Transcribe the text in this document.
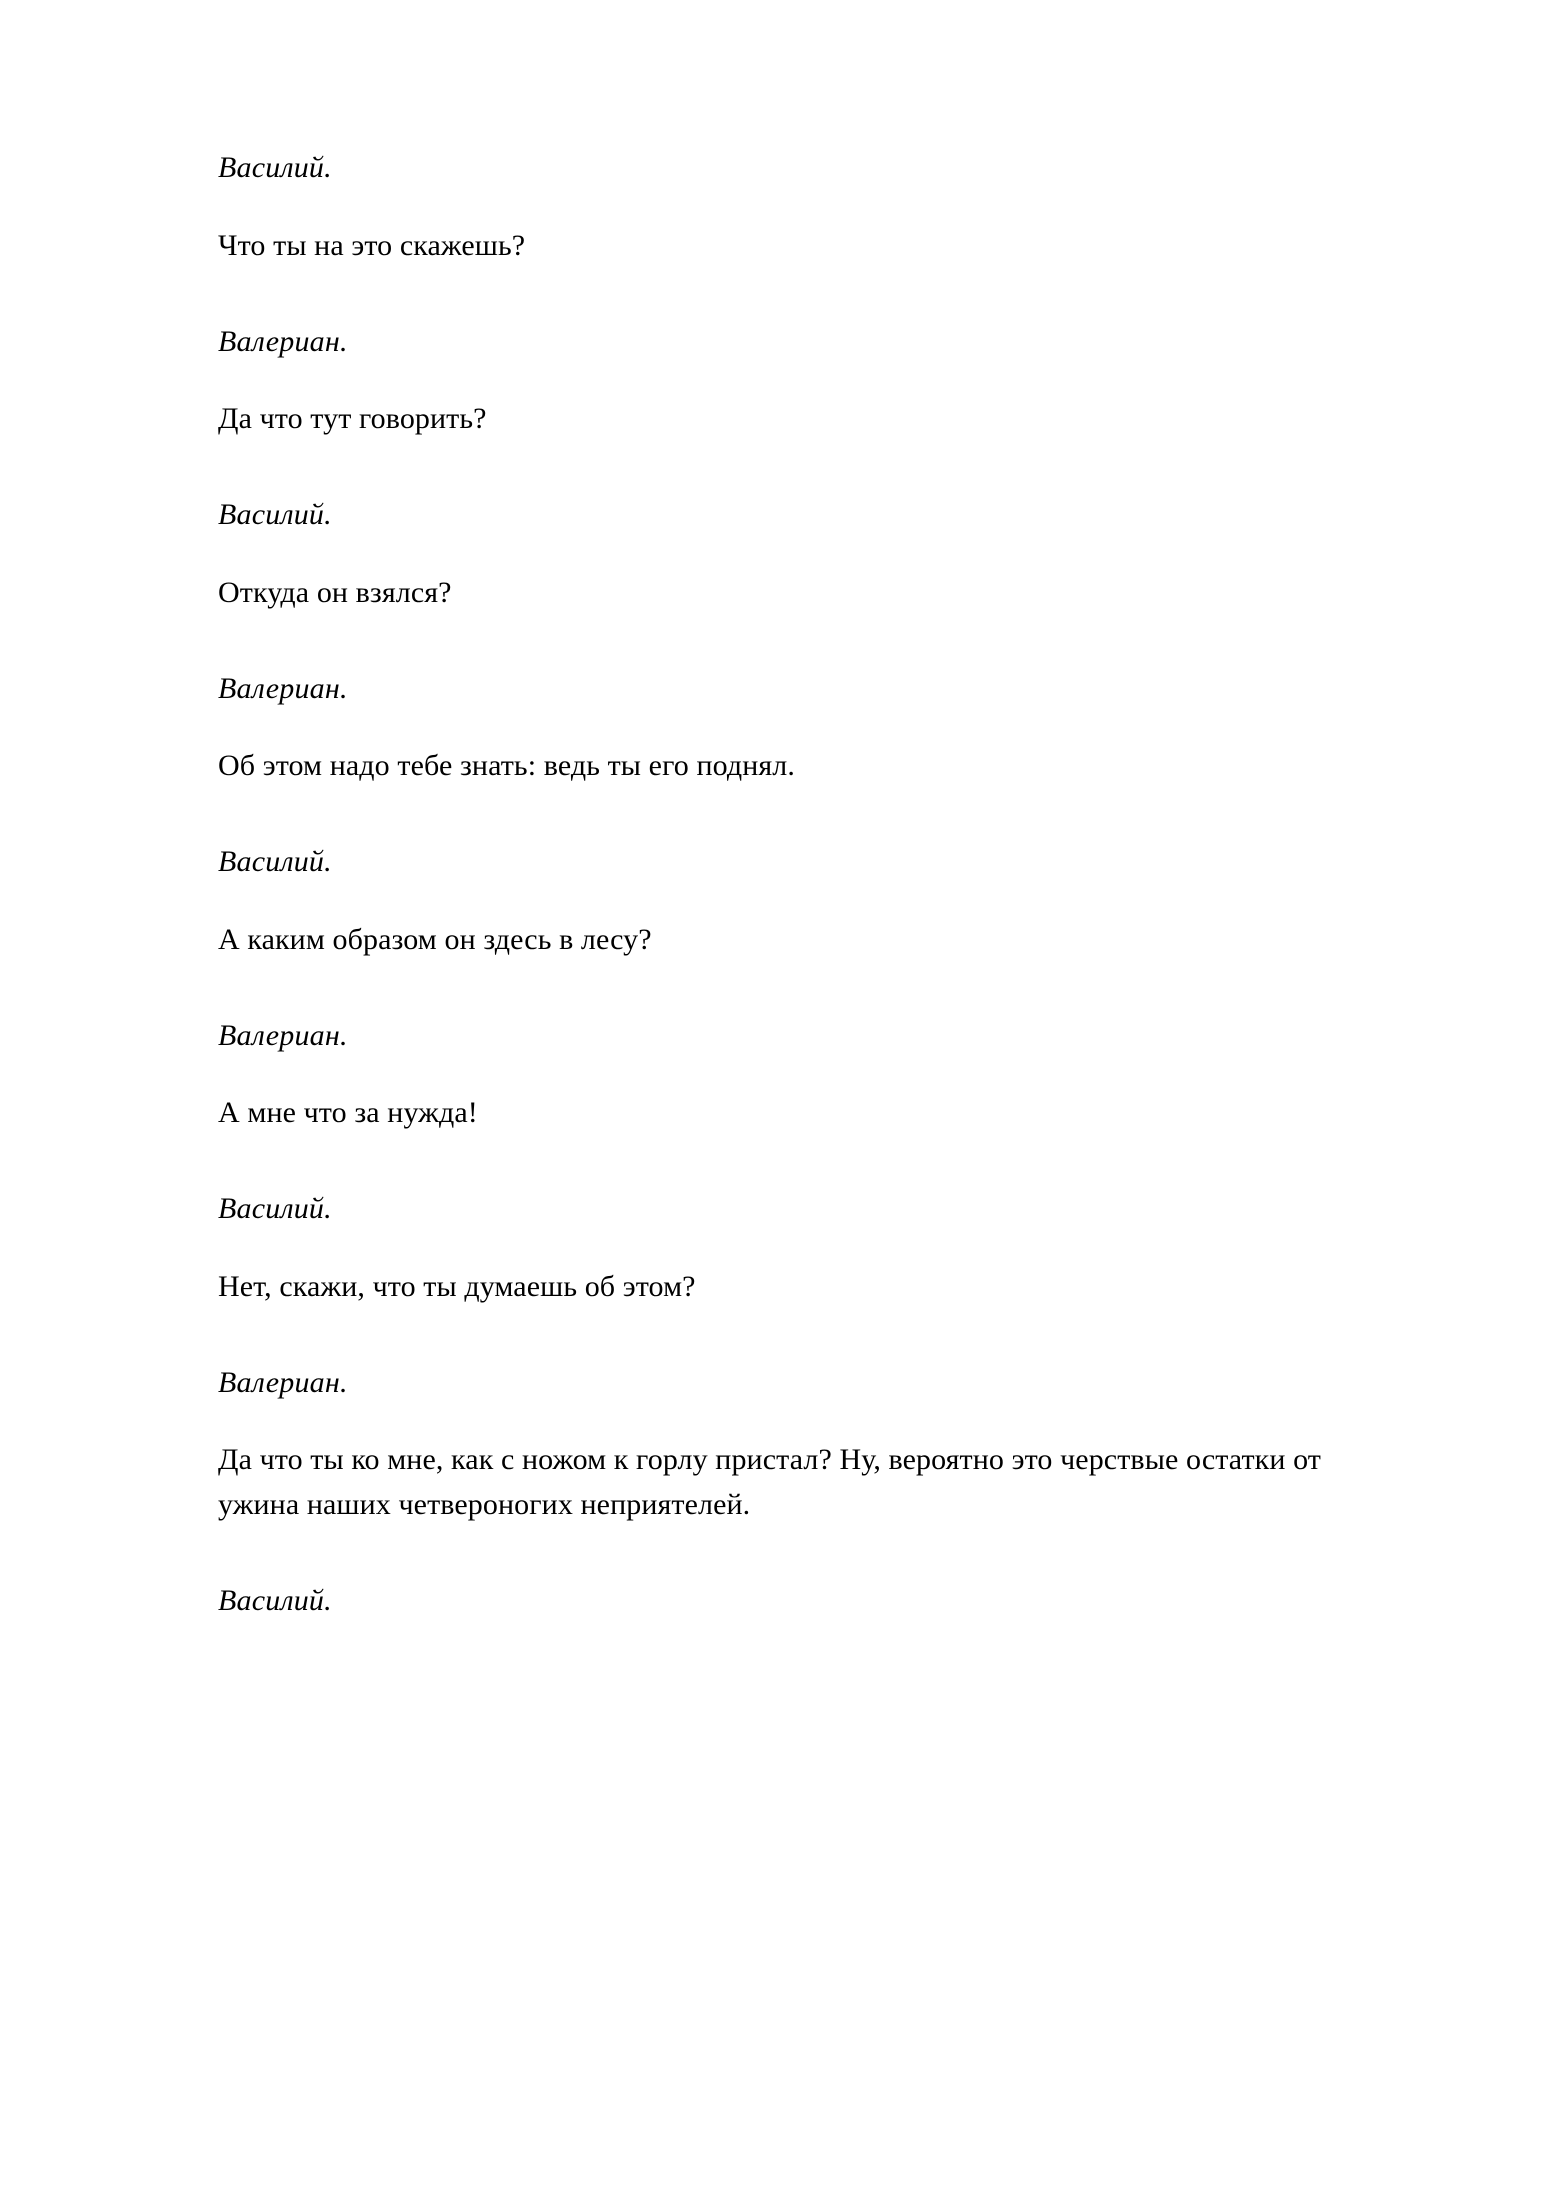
Василий.

Что ты на это скажешь?

Валериан.

Да что тут говорить?

Василий.

Откуда он взялся?

Валериан.

Об этом надо тебе знать: ведь ты его поднял.

Василий.

А каким образом он здесь в лесу?

Валериан.

А мне что за нужда!

Василий.

Нет, скажи, что ты думаешь об этом?

Валериан.

Да что ты ко мне, как с ножом к горлу пристал? Ну, вероятно это черствые остатки от ужина наших четвероногих неприятелей.

Василий.
